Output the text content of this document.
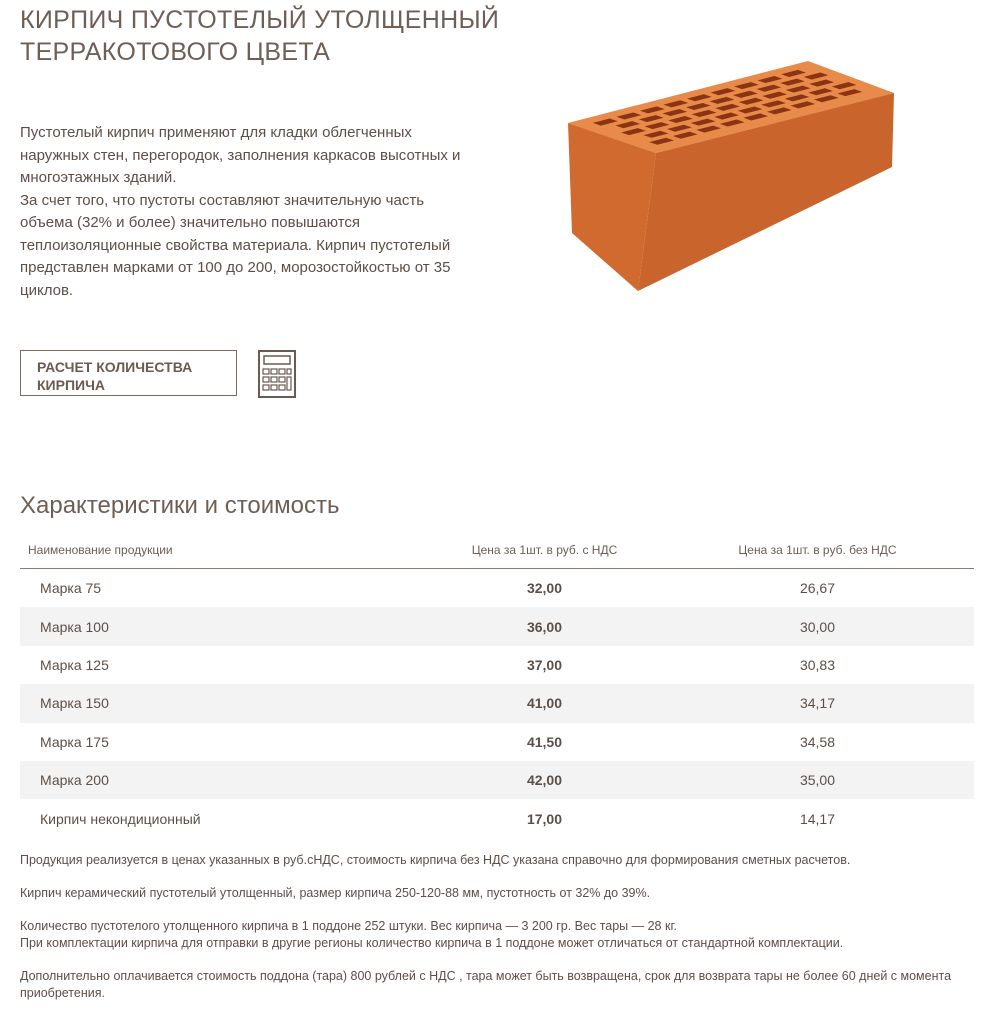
КИРПИЧ ПУСТОТЕЛЫЙ УТОЛЩЕННЫЙ ТЕРРАКОТОВОГО ЦВЕТА

Пустотелый кирпич применяют для кладки облегченных наружных стен, перегородок, заполнения каркасов высотных и многоэтажных зданий.

За счет того, что пустоты составляют значительную часть объема (32% и более) значительно повышаются теплоизоляционные свойства материала. Кирпич пустотелый представлен марками от 100 до 200, морозостойкостью от 35 циклов.

РАСЧЕТ КОЛИЧЕСТВА КИРПИЧА
Характеристики и стоимость
Наименование продукции	Цена за 1шт. в руб. с НДС	Цена за 1шт. в руб. без НДС
Марка 75	32,00	26,67
Марка 100	36,00	30,00
Марка 125	37,00	30,83
Марка 150	41,00	34,17
Марка 175	41,50	34,58
Марка 200	42,00	35,00
Кирпич некондиционный	17,00	14,17

Продукция реализуется в ценах указанных в руб.сНДС, стоимость кирпича без НДС указана справочно для формирования сметных расчетов.

Кирпич керамический пустотелый утолщенный, размер кирпича 250-120-88 мм, пустотность от 32% до 39%.

Количество пустотелого утолщенного кирпича в 1 поддоне 252 штуки. Вес кирпича — 3 200 гр. Вес тары — 28 кг.
При комплектации кирпича для отправки в другие регионы количество кирпича в 1 поддоне может отличаться от стандартной комплектации.

Дополнительно оплачивается стоимость поддона (тара) 800 рублей с НДС , тара может быть возвращена, срок для возврата тары не более 60 дней с момента приобретения.
